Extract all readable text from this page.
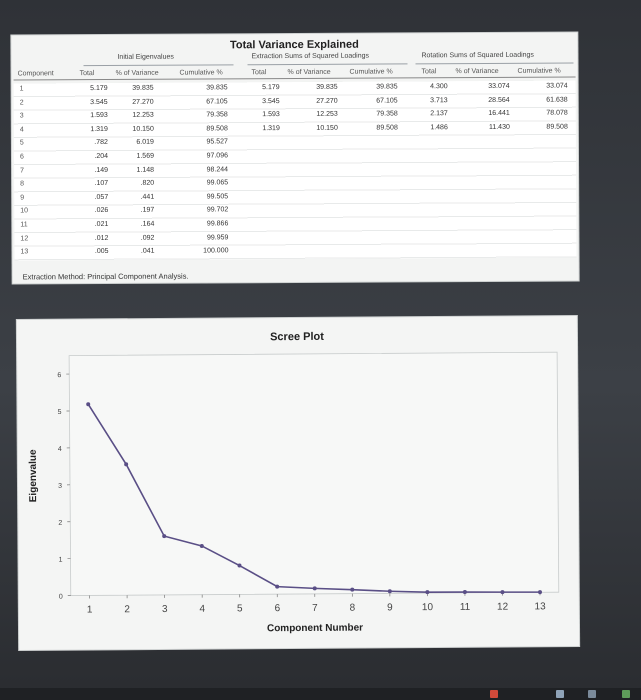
Total Variance Explained
Initial Eigenvalues	Extraction Sums of Squared Loadings	Rotation Sums of Squared Loadings
Component	Total	% of Variance	Cumulative %	Total	% of Variance	Cumulative %	Total	% of Variance	Cumulative %
1	5.179	39.835	39.835	5.179	39.835	39.835	4.300	33.074	33.074
2	3.545	27.270	67.105	3.545	27.270	67.105	3.713	28.564	61.638
3	1.593	12.253	79.358	1.593	12.253	79.358	2.137	16.441	78.078
4	1.319	10.150	89.508	1.319	10.150	89.508	1.486	11.430	89.508
5	.782	6.019	95.527
6	.204	1.569	97.096
7	.149	1.148	98.244
8	.107	.820	99.065
9	.057	.441	99.505
10	.026	.197	99.702
11	.021	.164	99.866
12	.012	.092	99.959
13	.005	.041	100.000
Extraction Method: Principal Component Analysis.
Scree Plot
0
1
2
3
4
5
6
1	2	3	4	5	6	7	8	9	10	11	12	13
Component Number
Eigenvalue
